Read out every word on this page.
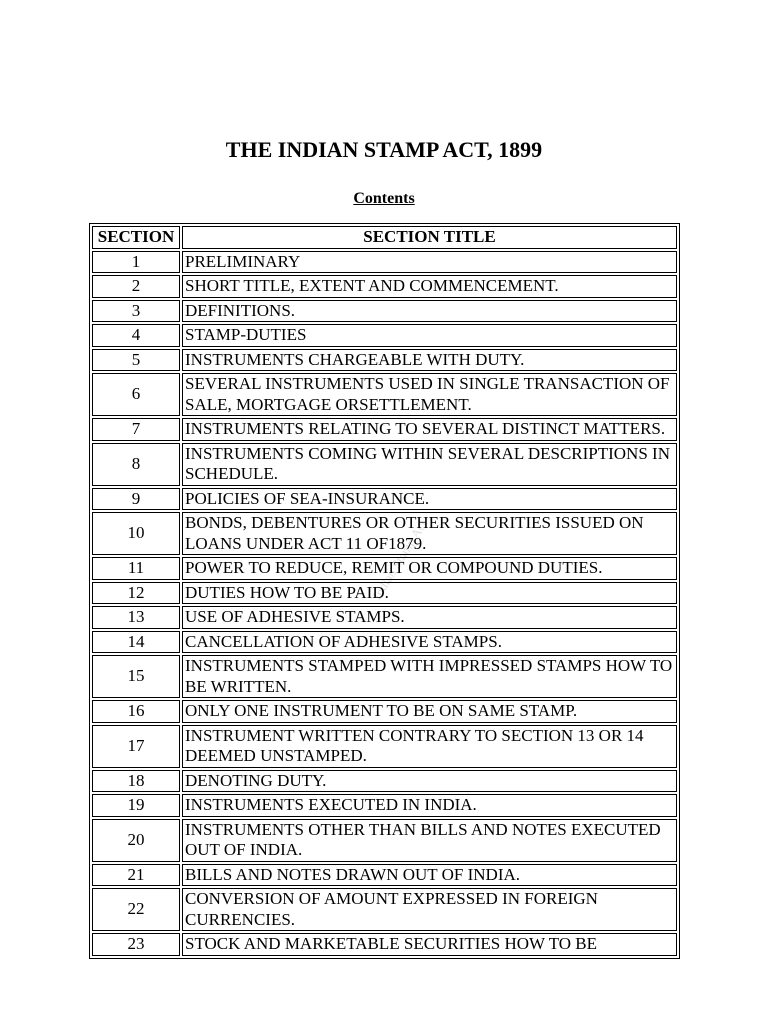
THE INDIAN STAMP ACT, 1899
Contents
SECTION	SECTION TITLE
1	PRELIMINARY
2	SHORT TITLE, EXTENT AND COMMENCEMENT.
3	DEFINITIONS.
4	STAMP-DUTIES
5	INSTRUMENTS CHARGEABLE WITH DUTY.
6	SEVERAL INSTRUMENTS USED IN SINGLE TRANSACTION OF SALE, MORTGAGE ORSETTLEMENT.
7	INSTRUMENTS RELATING TO SEVERAL DISTINCT MATTERS.
8	INSTRUMENTS COMING WITHIN SEVERAL DESCRIPTIONS IN SCHEDULE.
9	POLICIES OF SEA-INSURANCE.
10	BONDS, DEBENTURES OR OTHER SECURITIES ISSUED ON LOANS UNDER ACT 11 OF1879.
11	POWER TO REDUCE, REMIT OR COMPOUND DUTIES.
12	DUTIES HOW TO BE PAID.
13	USE OF ADHESIVE STAMPS.
14	CANCELLATION OF ADHESIVE STAMPS.
15	INSTRUMENTS STAMPED WITH IMPRESSED STAMPS HOW TO BE WRITTEN.
16	ONLY ONE INSTRUMENT TO BE ON SAME STAMP.
17	INSTRUMENT WRITTEN CONTRARY TO SECTION 13 OR 14 DEEMED UNSTAMPED.
18	DENOTING DUTY.
19	INSTRUMENTS EXECUTED IN INDIA.
20	INSTRUMENTS OTHER THAN BILLS AND NOTES EXECUTED OUT OF INDIA.
21	BILLS AND NOTES DRAWN OUT OF INDIA.
22	CONVERSION OF AMOUNT EXPRESSED IN FOREIGN CURRENCIES.
23	STOCK AND MARKETABLE SECURITIES HOW TO BE
Indian Stamp Act
